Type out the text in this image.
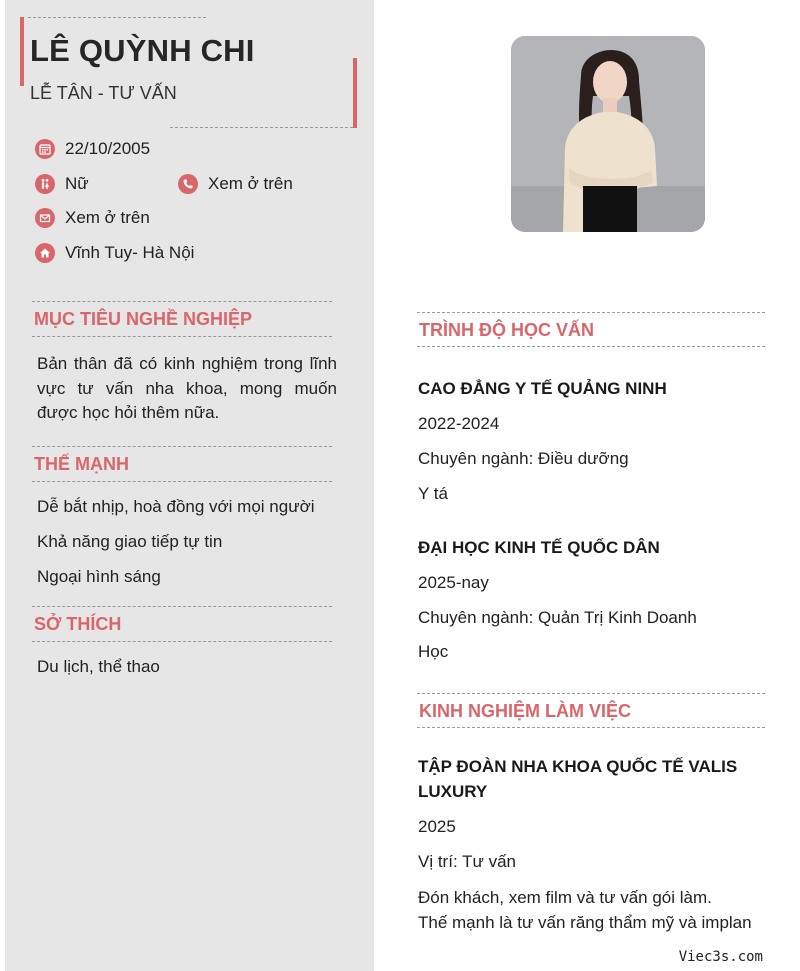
LÊ QUỲNH CHI
LỄ TÂN - TƯ VẤN
22/10/2005
Nữ	Xem ở trên
Xem ở trên
Vĩnh Tuy- Hà Nội
MỤC TIÊU NGHỀ NGHIỆP
Bản thân đã có kinh nghiệm trong lĩnh vực tư vấn nha khoa, mong muốn được học hỏi thêm nữa.
THẾ MẠNH
Dễ bắt nhịp, hoà đồng với mọi người
Khả năng giao tiếp tự tin
Ngoại hình sáng
SỞ THÍCH
Du lịch, thể thao
TRÌNH ĐỘ HỌC VẤN
CAO ĐẲNG Y TẾ QUẢNG NINH
2022-2024
Chuyên ngành: Điều dưỡng
Y tá
ĐẠI HỌC KINH TẾ QUỐC DÂN
2025-nay
Chuyên ngành: Quản Trị Kinh Doanh
Học
KINH NGHIỆM LÀM VIỆC
TẬP ĐOÀN NHA KHOA QUỐC TẾ VALIS LUXURY
2025
Vị trí: Tư vấn
Đón khách, xem film và tư vấn gói làm.
Thế mạnh là tư vấn răng thẩm mỹ và implan
Viec3s.com
